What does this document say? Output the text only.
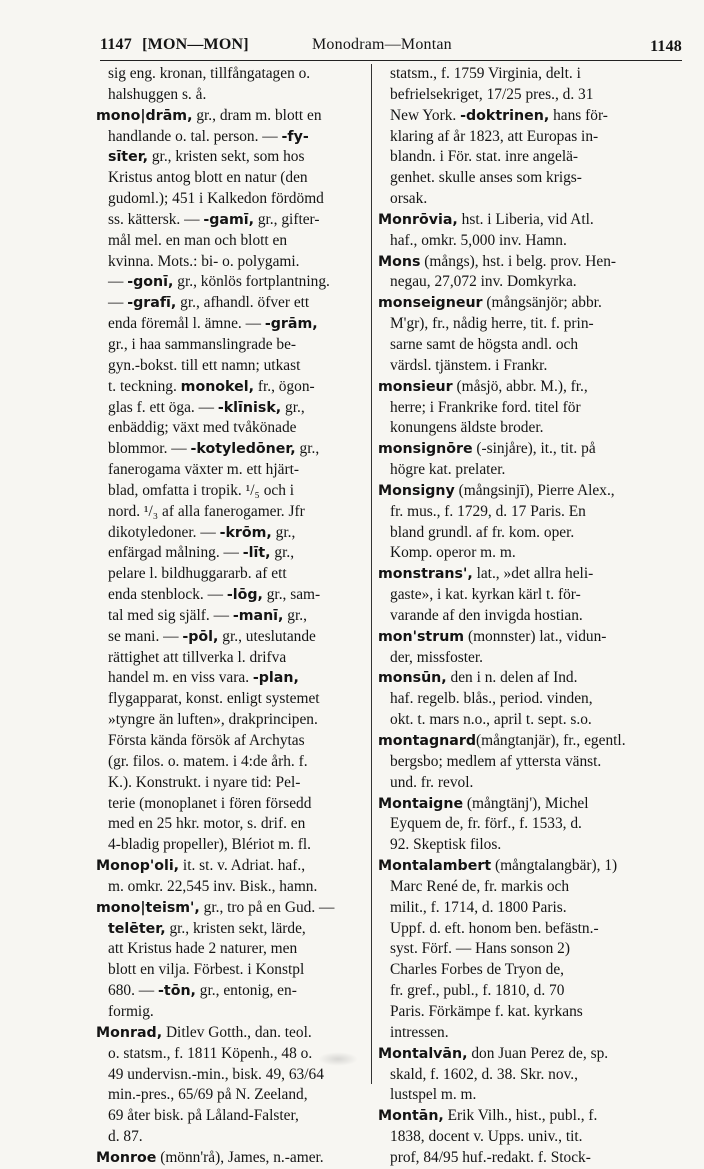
1147 [MON—MON]	Monodram—Montan	1148
sig eng. kronan, tillfångatagen o.
halshuggen s. å.
mono|drām, gr., dram m. blott en
handlande o. tal. person. — -fy-
sīter, gr., kristen sekt, som hos
Kristus antog blott en natur (den
gudoml.); 451 i Kalkedon fördömd
ss. kättersk. — -gamī, gr., gifter-
mål mel. en man och blott en
kvinna. Mots.: bi- o. polygami.
— -gonī, gr., könlös fortplantning.
— -grafī, gr., afhandl. öfver ett
enda föremål l. ämne. — -grām,
gr., i haa sammanslingrade be-
gyn.-bokst. till ett namn; utkast
t. teckning. monokel, fr., ögon-
glas f. ett öga. — -klīnisk, gr.,
enbäddig; växt med tvåkönade
blommor. — -kotyledōner, gr.,
fanerogama växter m. ett hjärt-
blad, omfatta i tropik. ¹/₅ och i
nord. ¹/₃ af alla fanerogamer. Jfr
dikotyledoner. — -krōm, gr.,
enfärgad målning. — -līt, gr.,
pelare l. bildhuggararb. af ett
enda stenblock. — -lōg, gr., sam-
tal med sig själf. — -manī, gr.,
se mani. — -pōl, gr., uteslutande
rättighet att tillverka l. drifva
handel m. en viss vara. -plan,
flygapparat, konst. enligt systemet
»tyngre än luften», drakprincipen.
Första kända försök af Archytas
(gr. filos. o. matem. i 4:de årh. f.
K.). Konstrukt. i nyare tid: Pel-
terie (monoplanet i fören försedd
med en 25 hkr. motor, s. drif. en
4-bladig propeller), Blériot m. fl.
Monop'oli, it. st. v. Adriat. haf.,
m. omkr. 22,545 inv. Bisk., hamn.
mono|teism', gr., tro på en Gud. —
telēter, gr., kristen sekt, lärde,
att Kristus hade 2 naturer, men
blott en vilja. Förbest. i Konstpl
680. — -tōn, gr., entonig, en-
formig.
Monrad, Ditlev Gotth., dan. teol.
o. statsm., f. 1811 Köpenh., 48 o.
49 undervisn.-min., bisk. 49, 63/64
min.-pres., 65/69 på N. Zeeland,
69 åter bisk. på Låland-Falster,
d. 87.
Monroe (mönn'rå), James, n.-amer.
statsm., f. 1759 Virginia, delt. i
befrielsekriget, 17/25 pres., d. 31
New York. -doktrinen, hans för-
klaring af år 1823, att Europas in-
blandn. i För. stat. inre angelä-
genhet. skulle anses som krigs-
orsak.
Monrōvia, hst. i Liberia, vid Atl.
haf., omkr. 5,000 inv. Hamn.
Mons (mångs), hst. i belg. prov. Hen-
negau, 27,072 inv. Domkyrka.
monseigneur (mångsänjör; abbr.
M'gr), fr., nådig herre, tit. f. prin-
sarne samt de högsta andl. och
värdsl. tjänstem. i Frankr.
monsieur (måsjö, abbr. M.), fr.,
herre; i Frankrike ford. titel för
konungens äldste broder.
monsignōre (-sinjåre), it., tit. på
högre kat. prelater.
Monsigny (mångsinjī), Pierre Alex.,
fr. mus., f. 1729, d. 17 Paris. En
bland grundl. af fr. kom. oper.
Komp. operor m. m.
monstrans', lat., »det allra heli-
gaste», i kat. kyrkan kärl t. för-
varande af den invigda hostian.
mon'strum (monnster) lat., vidun-
der, missfoster.
monsūn, den i n. delen af Ind.
haf. regelb. blås., period. vinden,
okt. t. mars n.o., april t. sept. s.o.
montagnard(mångtanjär), fr., egentl.
bergsbo; medlem af yttersta vänst.
und. fr. revol.
Montaigne (mångtänj'), Michel
Eyquem de, fr. förf., f. 1533, d.
92. Skeptisk filos.
Montalambert (mångtalangbär), 1)
Marc René de, fr. markis och
milit., f. 1714, d. 1800 Paris.
Uppf. d. eft. honom ben. befästn.-
syst. Förf. — Hans sonson 2)
Charles Forbes de Tryon de,
fr. gref., publ., f. 1810, d. 70
Paris. Förkämpe f. kat. kyrkans
intressen.
Montalvān, don Juan Perez de, sp.
skald, f. 1602, d. 38. Skr. nov.,
lustspel m. m.
Montān, Erik Vilh., hist., publ., f.
1838, docent v. Upps. univ., tit.
prof, 84/95 huf.-redakt. f. Stock-
